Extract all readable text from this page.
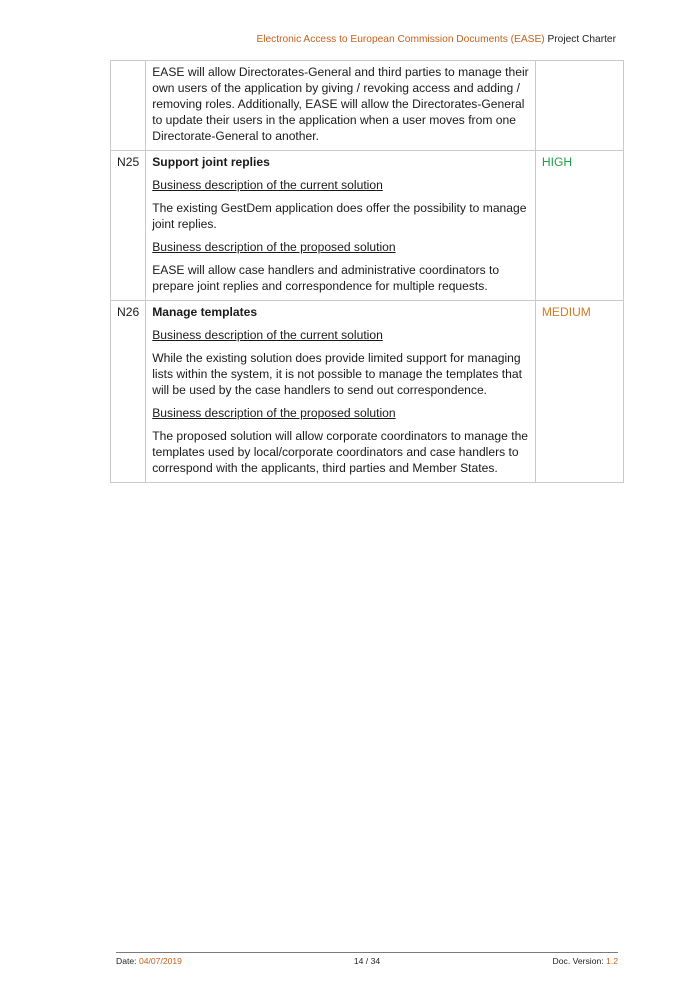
Electronic Access to European Commission Documents (EASE) Project Charter

	EASE will allow Directorates-General and third parties to manage their own users of the application by giving / revoking access and adding / removing roles. Additionally, EASE will allow the Directorates-General to update their users in the application when a user moves from one Directorate-General to another.	

N25	Support joint replies

Business description of the current solution

The existing GestDem application does offer the possibility to manage joint replies.

Business description of the proposed solution

EASE will allow case handlers and administrative coordinators to prepare joint replies and correspondence for multiple requests.	HIGH
N26	Manage templates

Business description of the current solution

While the existing solution does provide limited support for managing lists within the system, it is not possible to manage the templates that will be used by the case handlers to send out correspondence.

Business description of the proposed solution

The proposed solution will allow corporate coordinators to manage the templates used by local/corporate coordinators and case handlers to correspond with the applicants, third parties and Member States.	MEDIUM
Date: 04/07/2019	14 / 34	Doc. Version: 1.2
